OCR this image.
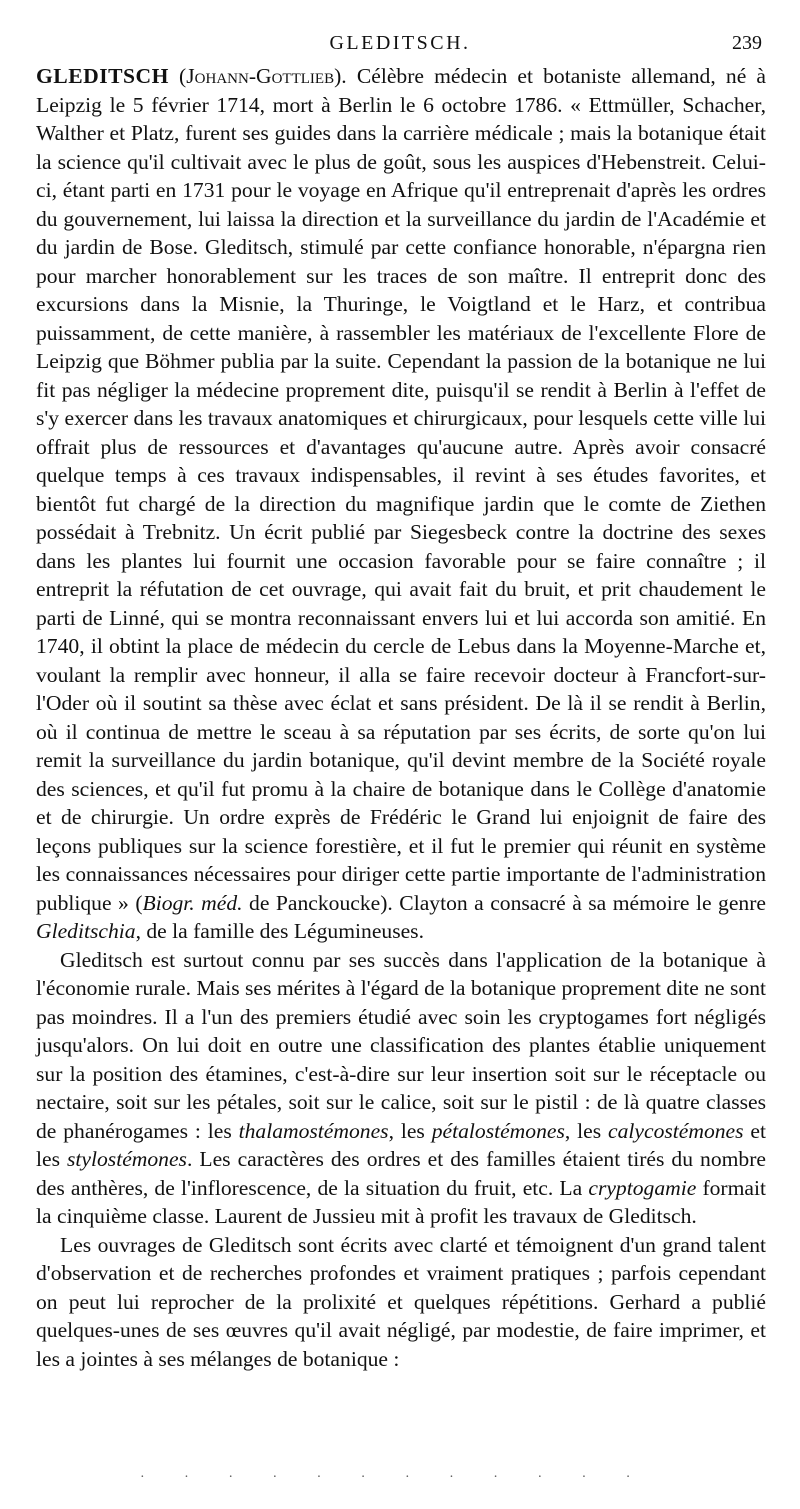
GLEDITSCH.	239

GLEDITSCH (Johann-Gottlieb). Célèbre médecin et botaniste allemand, né à Leipzig le 5 février 1714, mort à Berlin le 6 octobre 1786. « Ettmüller, Schacher, Walther et Platz, furent ses guides dans la carrière médicale ; mais la botanique était la science qu'il cultivait avec le plus de goût, sous les auspices d'Hebenstreit. Celui-ci, étant parti en 1731 pour le voyage en Afrique qu'il entreprenait d'après les ordres du gouvernement, lui laissa la direction et la surveillance du jardin de l'Académie et du jardin de Bose. Gleditsch, stimulé par cette confiance honorable, n'épargna rien pour marcher honorablement sur les traces de son maître. Il entreprit donc des excursions dans la Misnie, la Thuringe, le Voigtland et le Harz, et contribua puissamment, de cette manière, à rassembler les matériaux de l'excellente Flore de Leipzig que Böhmer publia par la suite. Cependant la passion de la botanique ne lui fit pas négliger la médecine proprement dite, puisqu'il se rendit à Berlin à l'effet de s'y exercer dans les travaux anatomiques et chirurgicaux, pour lesquels cette ville lui offrait plus de ressources et d'avantages qu'aucune autre. Après avoir consacré quelque temps à ces travaux indispensables, il revint à ses études favorites, et bientôt fut chargé de la direction du magnifique jardin que le comte de Ziethen possédait à Trebnitz. Un écrit publié par Siegesbeck contre la doctrine des sexes dans les plantes lui fournit une occasion favorable pour se faire connaître ; il entreprit la réfutation de cet ouvrage, qui avait fait du bruit, et prit chaudement le parti de Linné, qui se montra reconnaissant envers lui et lui accorda son amitié. En 1740, il obtint la place de médecin du cercle de Lebus dans la Moyenne-Marche et, voulant la remplir avec honneur, il alla se faire recevoir docteur à Francfort-sur-l'Oder où il soutint sa thèse avec éclat et sans président. De là il se rendit à Berlin, où il continua de mettre le sceau à sa réputation par ses écrits, de sorte qu'on lui remit la surveillance du jardin botanique, qu'il devint membre de la Société royale des sciences, et qu'il fut promu à la chaire de botanique dans le Collège d'anatomie et de chirurgie. Un ordre exprès de Frédéric le Grand lui enjoignit de faire des leçons publiques sur la science forestière, et il fut le premier qui réunit en système les connaissances nécessaires pour diriger cette partie importante de l'administration publique » (Biogr. méd. de Panckoucke). Clayton a consacré à sa mémoire le genre Gleditschia, de la famille des Légumineuses.

Gleditsch est surtout connu par ses succès dans l'application de la botanique à l'économie rurale. Mais ses mérites à l'égard de la botanique proprement dite ne sont pas moindres. Il a l'un des premiers étudié avec soin les cryptogames fort négligés jusqu'alors. On lui doit en outre une classification des plantes établie uniquement sur la position des étamines, c'est-à-dire sur leur insertion soit sur le réceptacle ou nectaire, soit sur les pétales, soit sur le calice, soit sur le pistil : de là quatre classes de phanérogames : les thalamostémones, les pétalostémones, les calycostémones et les stylostémones. Les caractères des ordres et des familles étaient tirés du nombre des anthères, de l'inflorescence, de la situation du fruit, etc. La cryptogamie formait la cinquième classe. Laurent de Jussieu mit à profit les travaux de Gleditsch.

Les ouvrages de Gleditsch sont écrits avec clarté et témoignent d'un grand talent d'observation et de recherches profondes et vraiment pratiques ; parfois cependant on peut lui reprocher de la prolixité et quelques répétitions. Gerhard a publié quelques-unes de ses œuvres qu'il avait négligé, par modestie, de faire imprimer, et les a jointes à ses mélanges de botanique :

· · · · · · · · · · · ·
